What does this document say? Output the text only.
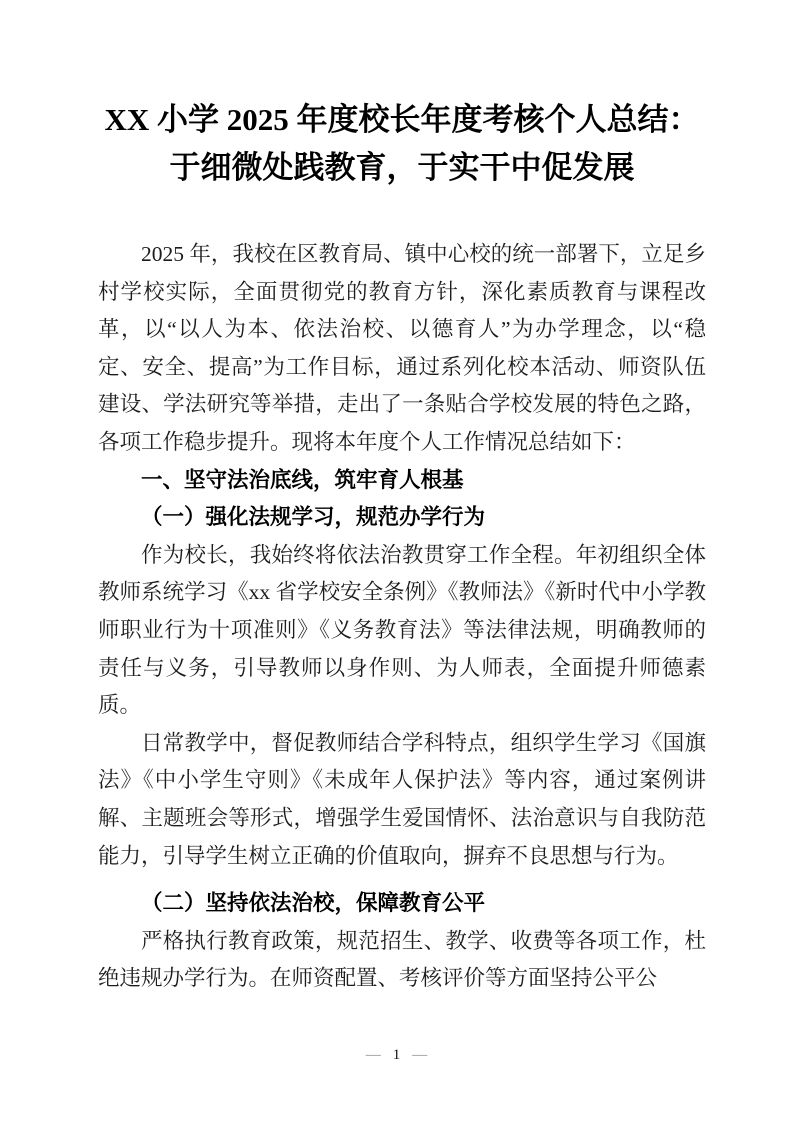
XX 小学 2025 年度校长年度考核个人总结：于细微处践教育，于实干中促发展

2025 年，我校在区教育局、镇中心校的统一部署下，立足乡村学校实际，全面贯彻党的教育方针，深化素质教育与课程改革，以“以人为本、依法治校、以德育人”为办学理念，以“稳定、安全、提高”为工作目标，通过系列化校本活动、师资队伍建设、学法研究等举措，走出了一条贴合学校发展的特色之路，各项工作稳步提升。现将本年度个人工作情况总结如下：

一、坚守法治底线，筑牢育人根基
（一）强化法规学习，规范办学行为

作为校长，我始终将依法治教贯穿工作全程。年初组织全体教师系统学习《xx 省学校安全条例》《教师法》《新时代中小学教师职业行为十项准则》《义务教育法》等法律法规，明确教师的责任与义务，引导教师以身作则、为人师表，全面提升师德素质。

日常教学中，督促教师结合学科特点，组织学生学习《国旗法》《中小学生守则》《未成年人保护法》等内容，通过案例讲解、主题班会等形式，增强学生爱国情怀、法治意识与自我防范能力，引导学生树立正确的价值取向，摒弃不良思想与行为。

（二）坚持依法治校，保障教育公平

严格执行教育政策，规范招生、教学、收费等各项工作，杜绝违规办学行为。在师资配置、考核评价等方面坚持公平公

— 1 —
